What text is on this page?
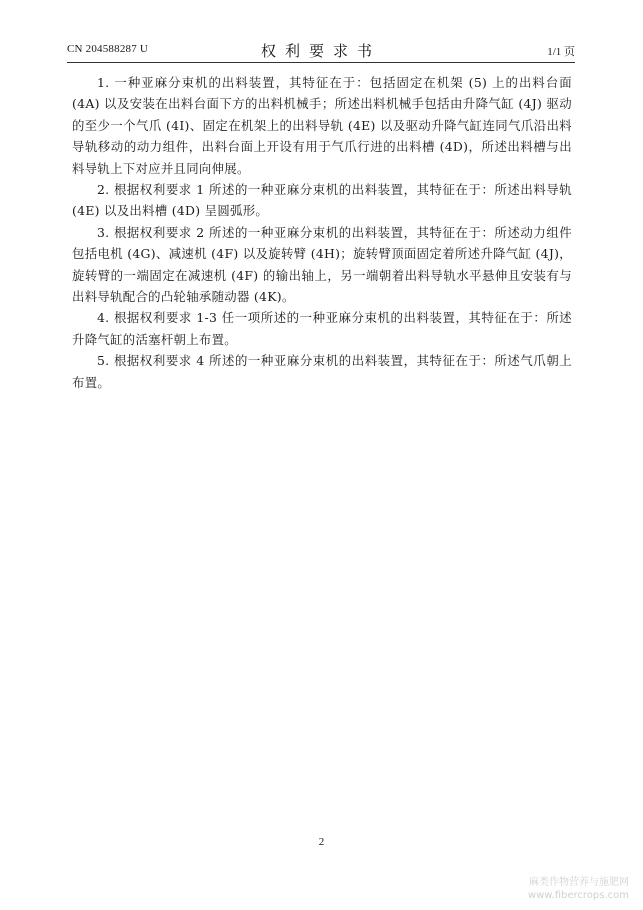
CN 204588287 U	权利要求书	1/1 页

1. 一种亚麻分束机的出料装置，其特征在于：包括固定在机架 (5) 上的出料台面 (4A) 以及安装在出料台面下方的出料机械手；所述出料机械手包括由升降气缸 (4J) 驱动的至少一个气爪 (4I)、固定在机架上的出料导轨 (4E) 以及驱动升降气缸连同气爪沿出料导轨移动的动力组件，出料台面上开设有用于气爪行进的出料槽 (4D)，所述出料槽与出料导轨上下对应并且同向伸展。

2. 根据权利要求 1 所述的一种亚麻分束机的出料装置，其特征在于：所述出料导轨 (4E) 以及出料槽 (4D) 呈圆弧形。

3. 根据权利要求 2 所述的一种亚麻分束机的出料装置，其特征在于：所述动力组件包括电机 (4G)、减速机 (4F) 以及旋转臂 (4H)；旋转臂顶面固定着所述升降气缸 (4J)，旋转臂的一端固定在减速机 (4F) 的输出轴上，另一端朝着出料导轨水平悬伸且安装有与出料导轨配合的凸轮轴承随动器 (4K)。

4. 根据权利要求 1-3 任一项所述的一种亚麻分束机的出料装置，其特征在于：所述升降气缸的活塞杆朝上布置。

5. 根据权利要求 4 所述的一种亚麻分束机的出料装置，其特征在于：所述气爪朝上布置。

2
麻类作物营养与施肥网
www.fibercrops.com
